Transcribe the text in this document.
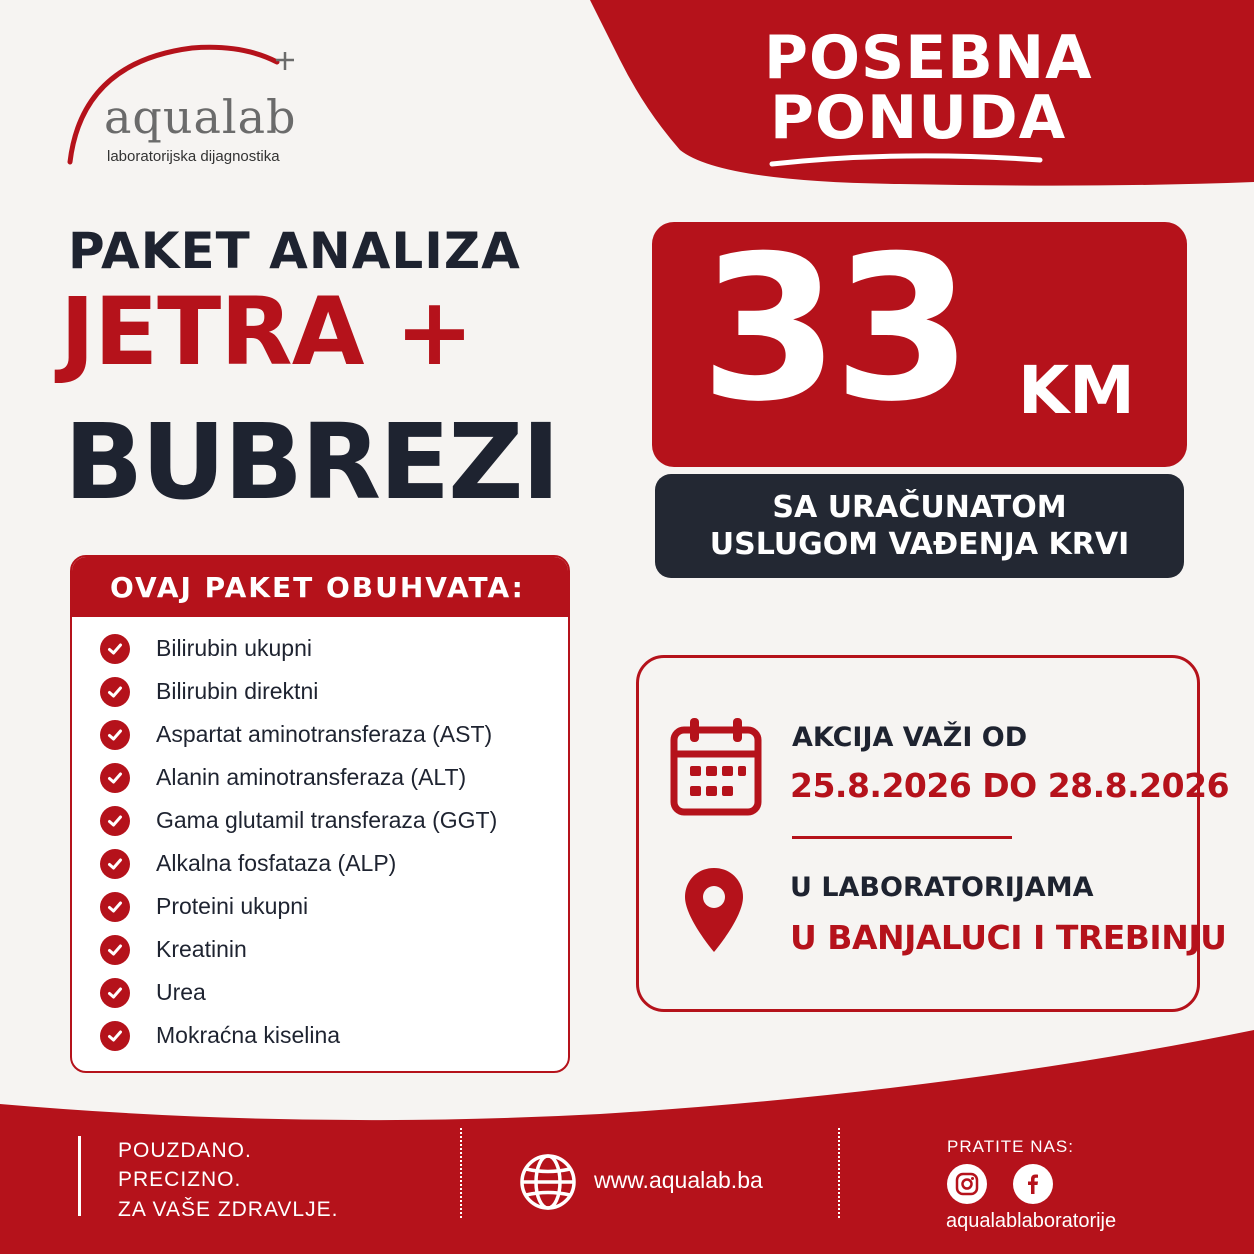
POSEBNA
PONUDA
aqualab
laboratorijska dijagnostika
PAKET ANALIZA
JETRA +
BUBREZI
33 KM
SA URAČUNATOM
USLUGOM VAĐENJA KRVI
OVAJ PAKET OBUHVATA:
Bilirubin ukupni
Bilirubin direktni
Aspartat aminotransferaza (AST)
Alanin aminotransferaza (ALT)
Gama glutamil transferaza (GGT)
Alkalna fosfataza (ALP)
Proteini ukupni
Kreatinin
Urea
Mokraćna kiselina
AKCIJA VAŽI OD
25.8.2026 DO 28.8.2026
U LABORATORIJAMA
U BANJALUCI I TREBINJU
POUZDANO.
PRECIZNO.
ZA VAŠE ZDRAVLJE.
www.aqualab.ba
PRATITE NAS:
aqualablaboratorije
